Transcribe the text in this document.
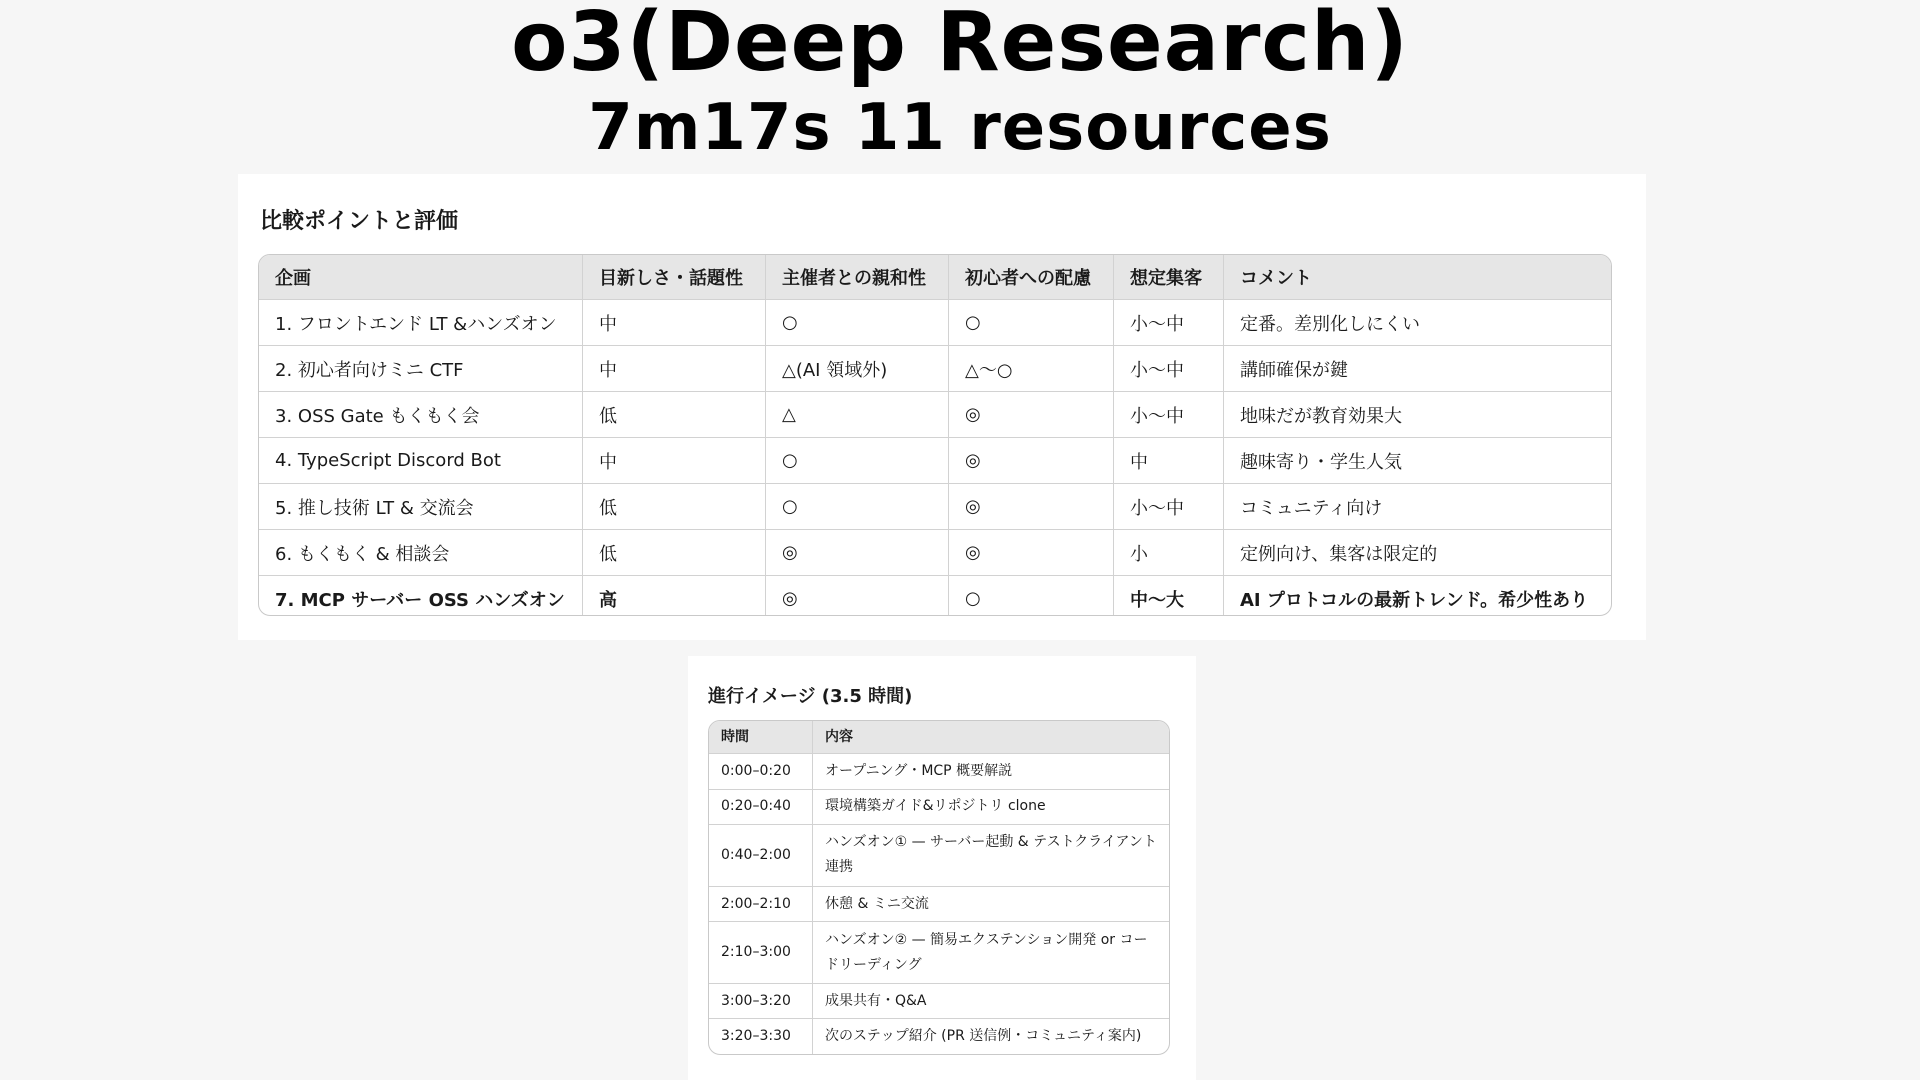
o3(Deep Research)
7m17s 11 resources
比較ポイントと評価
企画	目新しさ・話題性	主催者との親和性	初心者への配慮	想定集客	コメント
1. フロントエンド LT &ハンズオン	中	○	○	小〜中	定番。差別化しにくい
2. 初心者向けミニ CTF	中	△(AI 領域外)	△〜○	小〜中	講師確保が鍵
3. OSS Gate もくもく会	低	△	◎	小〜中	地味だが教育効果大
4. TypeScript Discord Bot	中	○	◎	中	趣味寄り・学生人気
5. 推し技術 LT & 交流会	低	○	◎	小〜中	コミュニティ向け
6. もくもく & 相談会	低	◎	◎	小	定例向け、集客は限定的
7. MCP サーバー OSS ハンズオン	高	◎	○	中〜大	AI プロトコルの最新トレンド。希少性あり
進行イメージ (3.5 時間)
時間	内容
0:00–0:20	オープニング・MCP 概要解説
0:20–0:40	環境構築ガイド&リポジトリ clone
0:40–2:00	ハンズオン① — サーバー起動 & テストクライアント連携
2:00–2:10	休憩 & ミニ交流
2:10–3:00	ハンズオン② — 簡易エクステンション開発 or コードリーディング
3:00–3:20	成果共有・Q&A
3:20–3:30	次のステップ紹介 (PR 送信例・コミュニティ案内)
